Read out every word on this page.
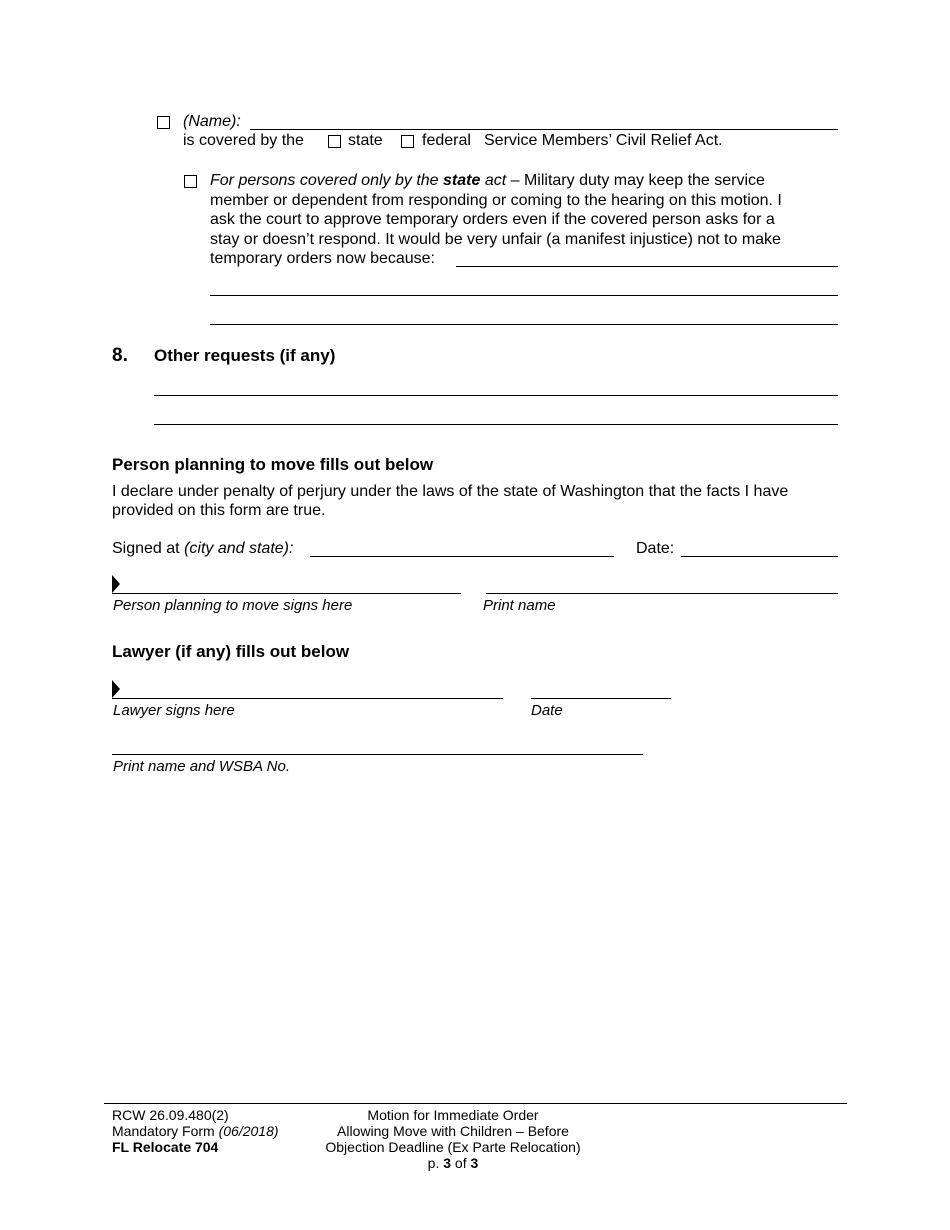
(Name):
is covered by the	state federal Service Members’ Civil Relief Act.
For persons covered only by the state act – Military duty may keep the service
member or dependent from responding or coming to the hearing on this motion. I
ask the court to approve temporary orders even if the covered person asks for a
stay or doesn’t respond. It would be very unfair (a manifest injustice) not to make
temporary orders now because:
8. Other requests (if any)
Person planning to move fills out below
I declare under penalty of perjury under the laws of the state of Washington that the facts I have
provided on this form are true.
Signed at (city and state):	Date:
Person planning to move signs here	Print name
Lawyer (if any) fills out below
Lawyer signs here	Date
Print name and WSBA No.
RCW 26.09.480(2)
Mandatory Form (06/2018)
FL Relocate 704
Motion for Immediate Order
Allowing Move with Children – Before
Objection Deadline (Ex Parte Relocation)
p. 3 of 3
